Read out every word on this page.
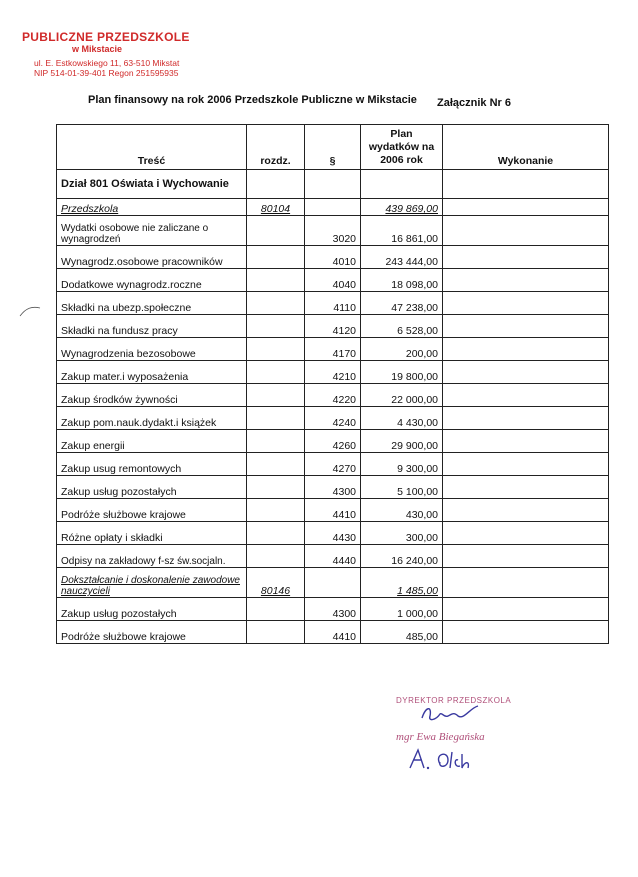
PUBLICZNE PRZEDSZKOLE
w Mikstacie
ul. E. Estkowskiego 11, 63-510 Mikstat
NIP 514-01-39-401 Regon 251595935
Plan finansowy na rok 2006 Przedszkole Publiczne w Mikstacie Załącznik Nr 6
Treść	rozdz.	§	Plan wydatków na 2006 rok	Wykonanie
Dział 801 Oświata i Wychowanie				
Przedszkola	80104		439 869,00	
Wydatki osobowe nie zaliczane o wynagrodzeń		3020	16 861,00	
Wynagrodz.osobowe pracowników		4010	243 444,00	
Dodatkowe wynagrodz.roczne		4040	18 098,00	
Składki na ubezp.społeczne		4110	47 238,00	
Składki na fundusz pracy		4120	6 528,00	
Wynagrodzenia bezosobowe		4170	200,00	
Zakup mater.i wyposażenia		4210	19 800,00	
Zakup środków żywności		4220	22 000,00	
Zakup pom.nauk.dydakt.i książek		4240	4 430,00	
Zakup energii		4260	29 900,00	
Zakup usug remontowych		4270	9 300,00	
Zakup usług pozostałych		4300	5 100,00	
Podróże służbowe krajowe		4410	430,00	
Różne opłaty i składki		4430	300,00	
Odpisy na zakładowy f-sz św.socjaln.		4440	16 240,00	
Dokształcanie i doskonalenie zawodowe nauczycieli	80146		1 485,00	
Zakup usług pozostałych		4300	1 000,00	
Podróże służbowe krajowe		4410	485,00	
DYREKTOR PRZEDSZKOLA
mgr Ewa Biegańska
